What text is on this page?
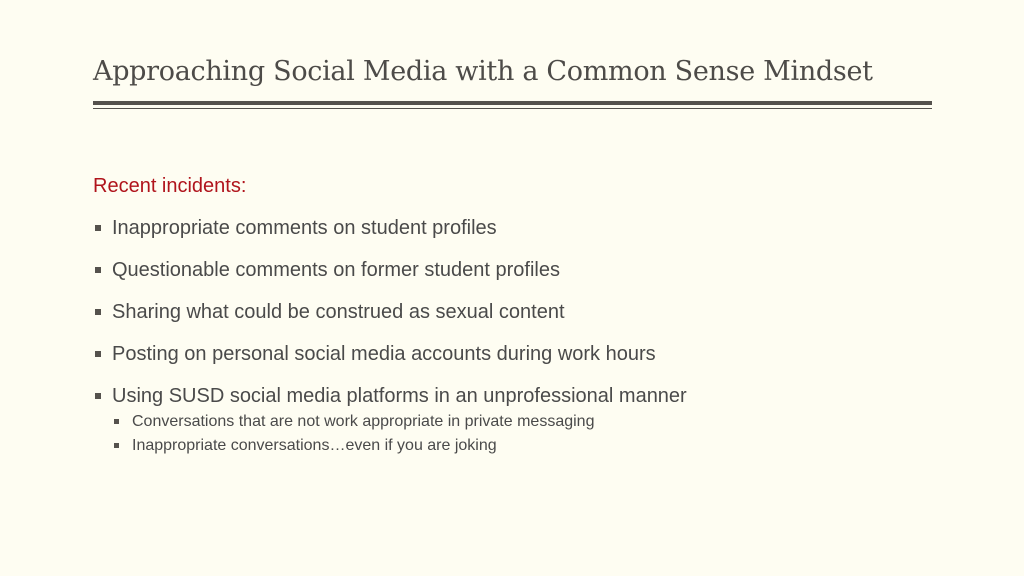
Approaching Social Media with a Common Sense Mindset
Recent incidents:
Inappropriate comments on student profiles
Questionable comments on former student profiles
Sharing what could be construed as sexual content
Posting on personal social media accounts during work hours
Using SUSD social media platforms in an unprofessional manner
Conversations that are not work appropriate in private messaging
Inappropriate conversations…even if you are joking
